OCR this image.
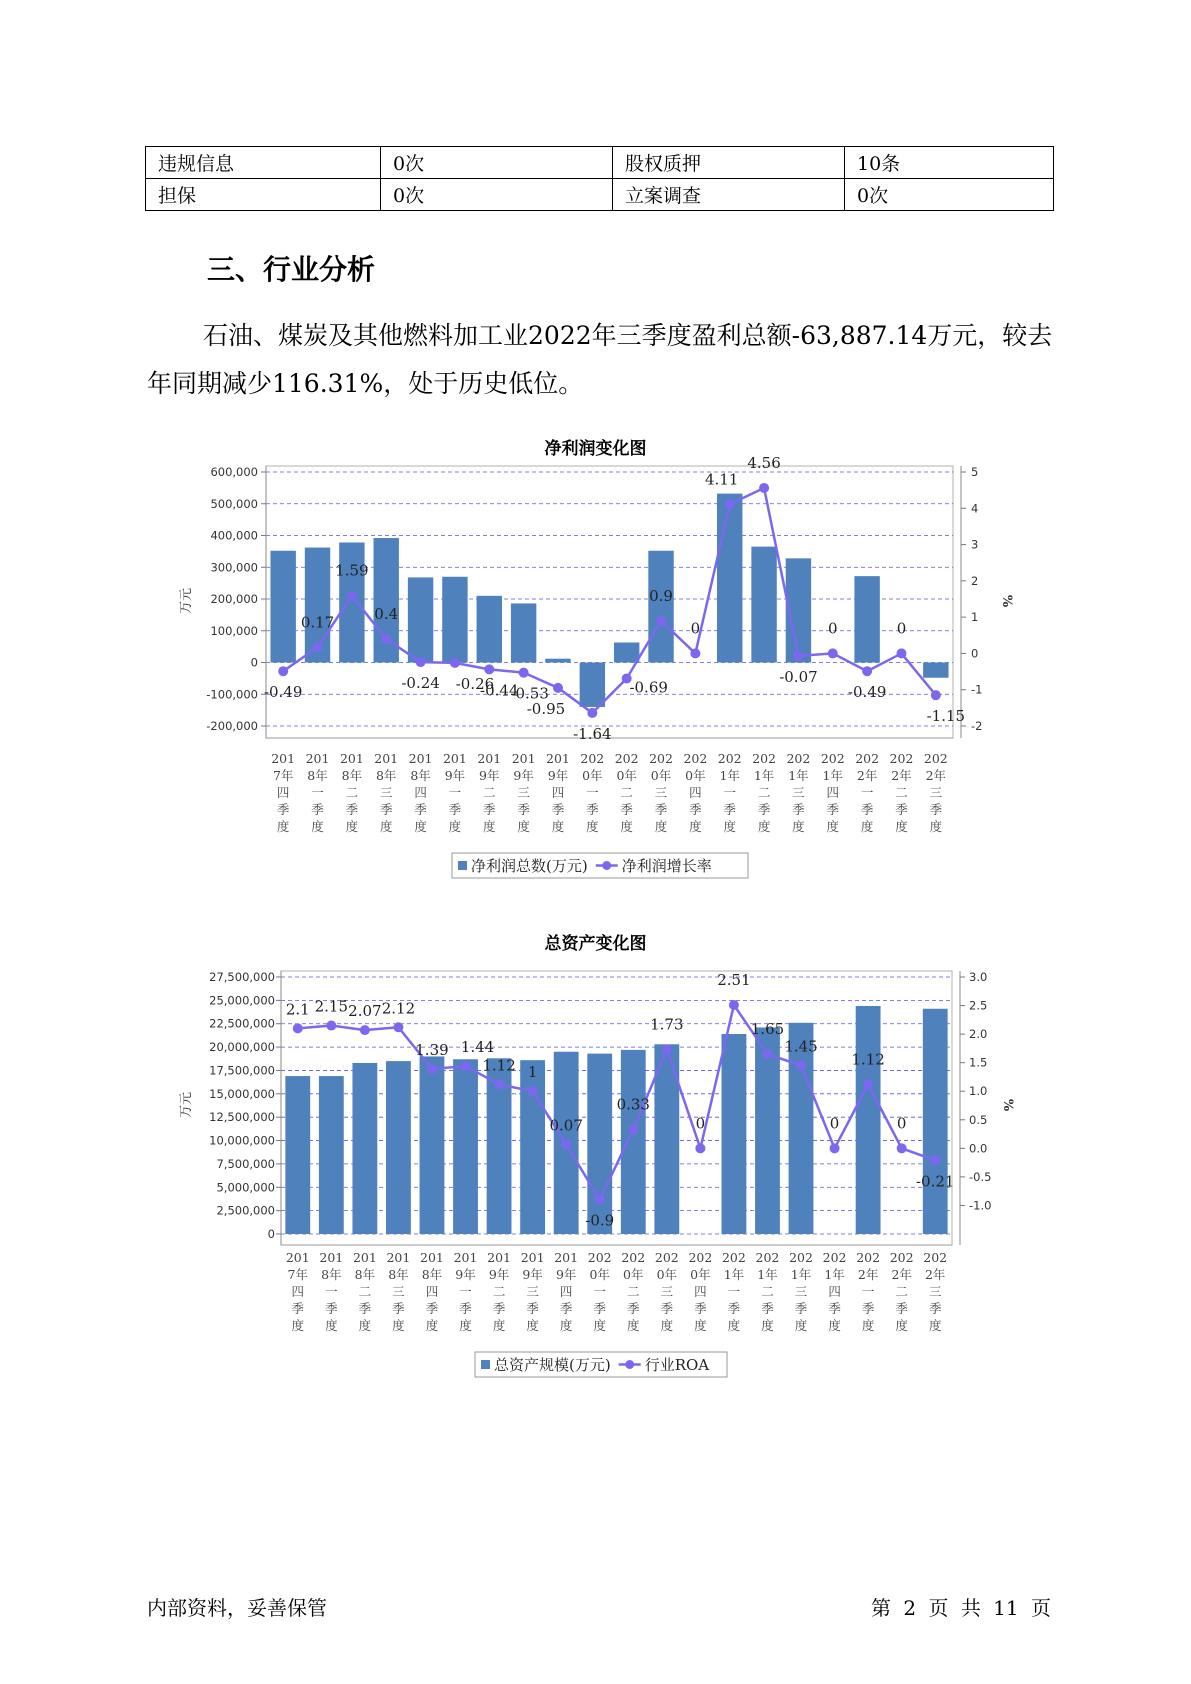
违规信息	0次	股权质押	10条
担保	0次	立案调查	0次
三、行业分析

石油、煤炭及其他燃料加工业2022年三季度盈利总额-63,887.14万元，较去年同期减少116.31%，处于历史低位。

净利润变化图
600,000
500,000
400,000
300,000
200,000
100,000
0
-100,000
-200,000
5
4
3
2
1
0
-1
-2
万元	%
-0.49
0.17
1.59
0.4
-0.24 -0.26
-0.44
-0.53
-0.95
-1.64
-0.69
0.9
0
4.11
4.56
-0.07
0
-0.49
0
-1.15
201 7年四季度
201 8年一季度
201 8年二季度
201 8年三季度
201 8年四季度
201 9年一季度
201 9年二季度
201 9年三季度
201 9年四季度
202 0年一季度
202 0年二季度
202 0年三季度
202 0年四季度
202 1年一季度
202 1年二季度
202 1年三季度
202 1年四季度
202 2年一季度
202 2年二季度
202 2年三季度
净利润总数(万元) 净利润增长率
总资产变化图
27,500,000
25,000,000
22,500,000
20,000,000
17,500,000
15,000,000
12,500,000
10,000,000
7,500,000
5,000,000
2,500,000
0
3.0
2.5
2.0
1.5
1.0
0.5
0.0
-0.5
-1.0
万元	%
2.1 2.15 2.07 2.12
1.39 1.44
1.12 1
0.07
-0.9
0.33
1.73
0
2.51
1.65
1.45
0
1.12
0
-0.21
201 7年四季度
201 8年一季度
201 8年二季度
201 8年三季度
201 8年四季度
201 9年一季度
201 9年二季度
201 9年三季度
201 9年四季度
202 0年一季度
202 0年二季度
202 0年三季度
202 0年四季度
202 1年一季度
202 1年二季度
202 1年三季度
202 1年四季度
202 2年一季度
202 2年二季度
202 2年三季度
总资产规模(万元) 行业ROA
内部资料，妥善保管	第 2 页 共 11 页
